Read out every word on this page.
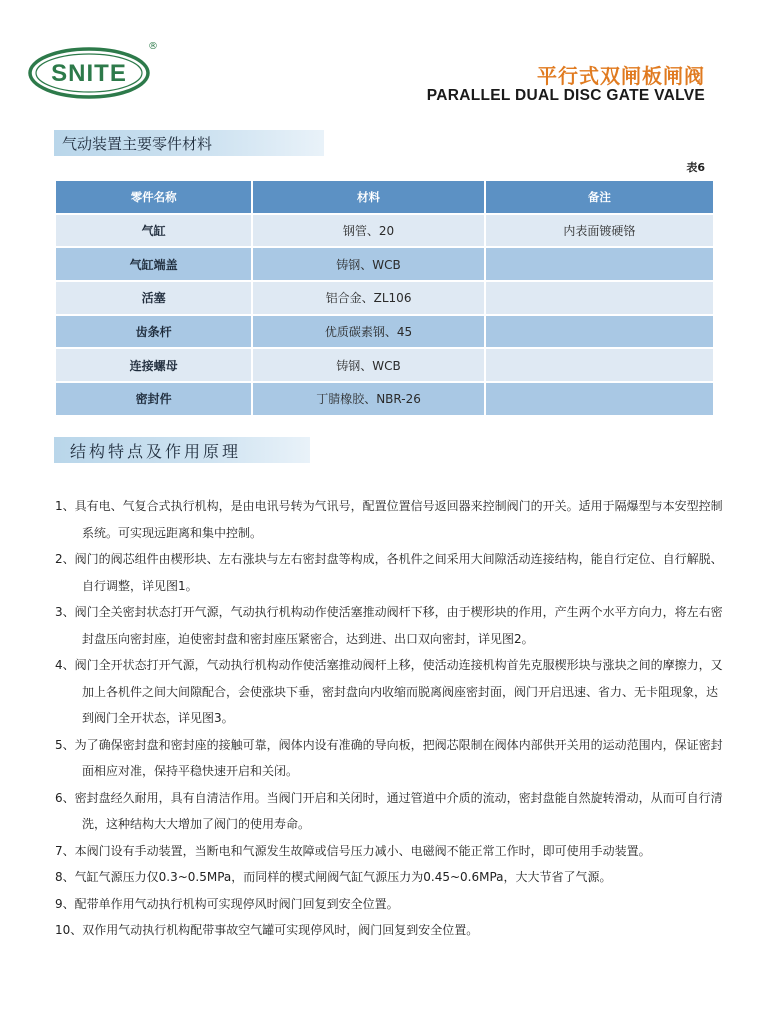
SNITE
®
平行式双闸板闸阀
PARALLEL DUAL DISC GATE VALVE
气动装置主要零件材料
表6
零件名称	材料	备注
气缸	钢管、20	内表面镀硬铬
气缸端盖	铸钢、WCB	
活塞	铝合金、ZL106	
齿条杆	优质碳素钢、45	
连接螺母	铸钢、WCB	
密封件	丁腈橡胶、NBR-26	
结构特点及作用原理
1、具有电、气复合式执行机构，是由电讯号转为气讯号，配置位置信号返回器来控制阀门的开关。适用于隔爆型与本安型控制系统。可实现远距离和集中控制。
2、阀门的阀芯组件由楔形块、左右涨块与左右密封盘等构成，各机件之间采用大间隙活动连接结构，能自行定位、自行解脱、自行调整，详见图1。
3、阀门全关密封状态打开气源，气动执行机构动作使活塞推动阀杆下移，由于楔形块的作用，产生两个水平方向力，将左右密封盘压向密封座，迫使密封盘和密封座压紧密合，达到进、出口双向密封，详见图2。
4、阀门全开状态打开气源，气动执行机构动作使活塞推动阀杆上移，使活动连接机构首先克服楔形块与涨块之间的摩擦力，又加上各机件之间大间隙配合，会使涨块下垂，密封盘向内收缩而脱离阀座密封面，阀门开启迅速、省力、无卡阻现象，达到阀门全开状态，详见图3。
5、为了确保密封盘和密封座的接触可靠，阀体内设有准确的导向板，把阀芯限制在阀体内部供开关用的运动范围内，保证密封面相应对准，保持平稳快速开启和关闭。
6、密封盘经久耐用，具有自清洁作用。当阀门开启和关闭时，通过管道中介质的流动，密封盘能自然旋转滑动，从而可自行清洗，这种结构大大增加了阀门的使用寿命。
7、本阀门设有手动装置，当断电和气源发生故障或信号压力减小、电磁阀不能正常工作时，即可使用手动装置。
8、气缸气源压力仅0.3~0.5MPa，而同样的楔式闸阀气缸气源压力为0.45~0.6MPa，大大节省了气源。
9、配带单作用气动执行机构可实现停风时阀门回复到安全位置。
10、双作用气动执行机构配带事故空气罐可实现停风时，阀门回复到安全位置。
